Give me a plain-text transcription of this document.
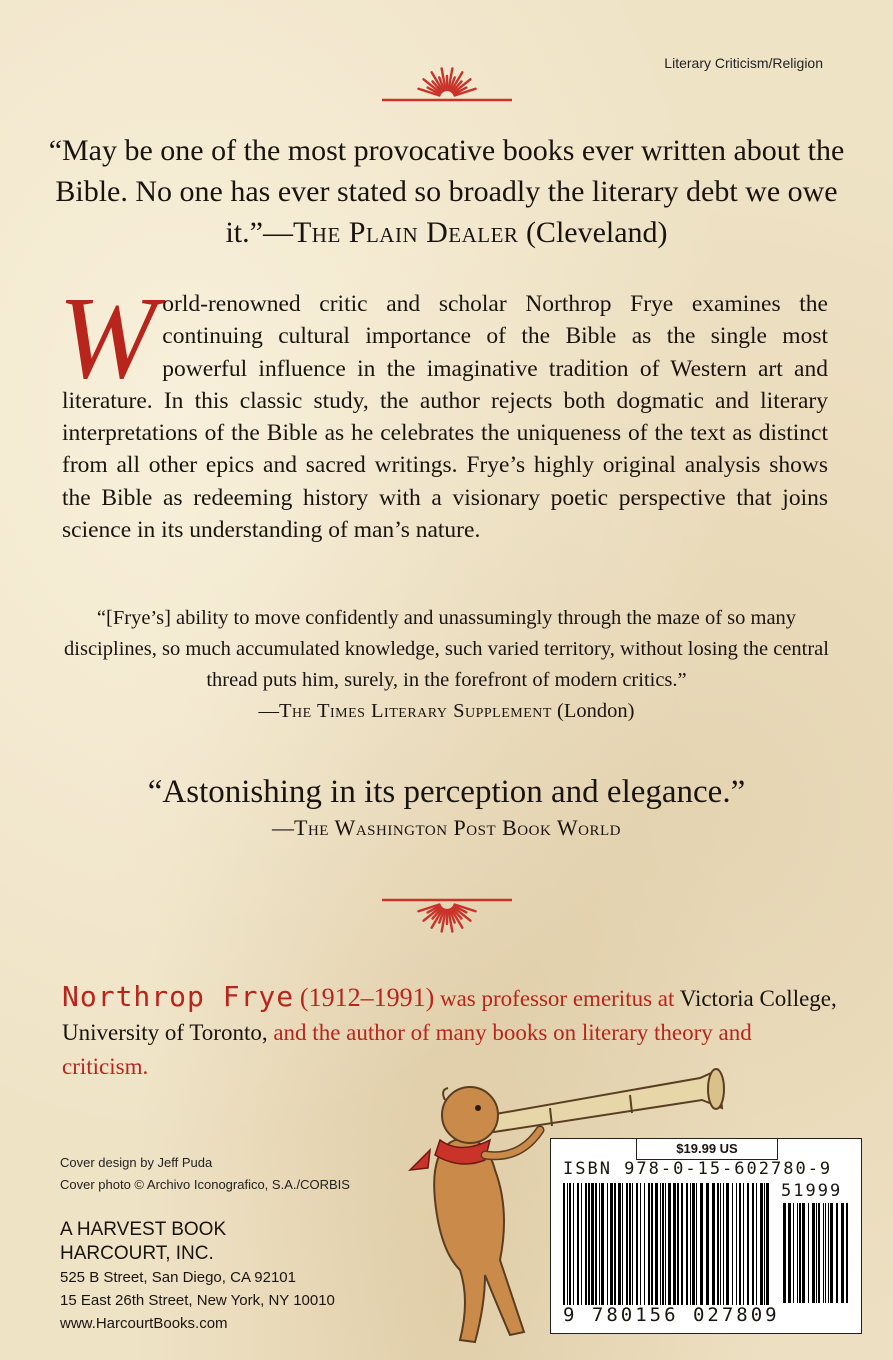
Literary Criticism/Religion
“May be one of the most provocative books ever written about the Bible. No one has ever stated so broadly the literary debt we owe it.”—The Plain Dealer (Cleveland)
World-renowned critic and scholar Northrop Frye examines the continuing cultural importance of the Bible as the single most powerful influence in the imaginative tradition of Western art and literature. In this classic study, the author rejects both dogmatic and literary interpretations of the Bible as he celebrates the uniqueness of the text as distinct from all other epics and sacred writings. Frye’s highly original analysis shows the Bible as redeeming history with a visionary poetic perspective that joins science in its understanding of man’s nature.
“[Frye’s] ability to move confidently and unassumingly through the maze of so many disciplines, so much accumulated knowledge, such varied territory, without losing the central thread puts him, surely, in the forefront of modern critics.”
—The Times Literary Supplement (London)
“Astonishing in its perception and elegance.”
—The Washington Post Book World
Northrop Frye (1912–1991) was professor emeritus at Victoria College, University of Toronto, and the author of many books on literary theory and criticism.
Cover design by Jeff Puda
Cover photo © Archivo Iconografico, S.A./CORBIS
A HARVEST BOOK
HARCOURT, INC.
525 B Street, San Diego, CA 92101
15 East 26th Street, New York, NY 10010
www.HarcourtBooks.com
$19.99 US
ISBN 978-0-15-602780-9
51999
9 780156 027809
